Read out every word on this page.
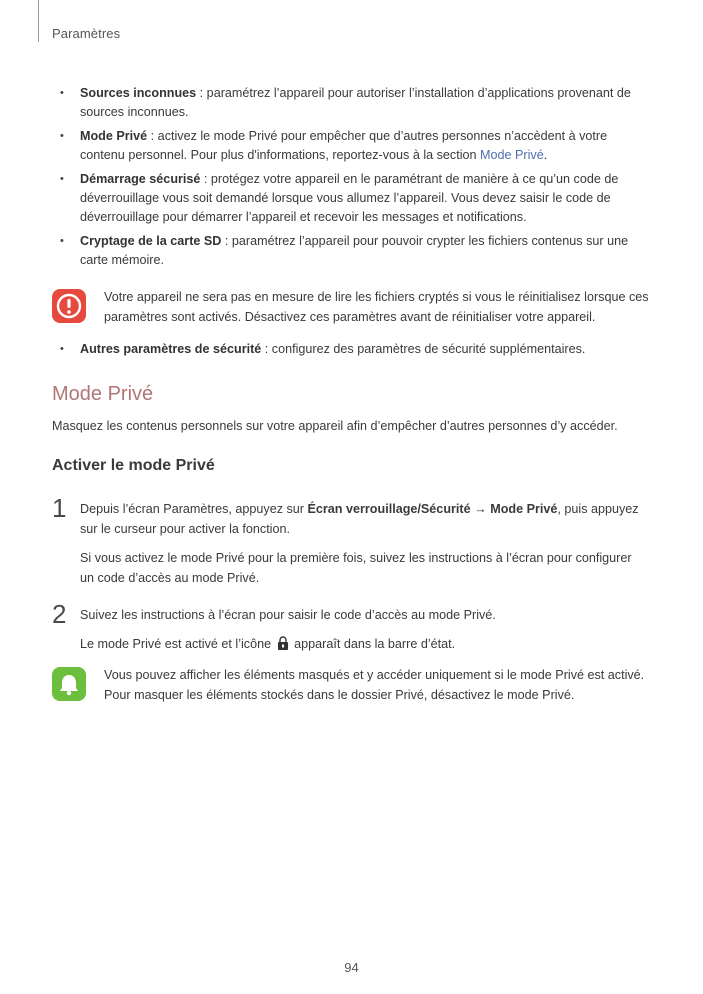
Paramètres
• Sources inconnues : paramétrez l’appareil pour autoriser l’installation d’applications provenant de sources inconnues.
• Mode Privé : activez le mode Privé pour empêcher que d’autres personnes n’accèdent à votre contenu personnel. Pour plus d'informations, reportez-vous à la section Mode Privé.
• Démarrage sécurisé : protégez votre appareil en le paramétrant de manière à ce qu’un code de déverrouillage vous soit demandé lorsque vous allumez l’appareil. Vous devez saisir le code de déverrouillage pour démarrer l’appareil et recevoir les messages et notifications.
• Cryptage de la carte SD : paramétrez l’appareil pour pouvoir crypter les fichiers contenus sur une carte mémoire.
Votre appareil ne sera pas en mesure de lire les fichiers cryptés si vous le réinitialisez lorsque ces paramètres sont activés. Désactivez ces paramètres avant de réinitialiser votre appareil.
• Autres paramètres de sécurité : configurez des paramètres de sécurité supplémentaires.
Mode Privé
Masquez les contenus personnels sur votre appareil afin d’empêcher d’autres personnes d’y accéder.
Activer le mode Privé
1 Depuis l’écran Paramètres, appuyez sur Écran verrouillage/Sécurité → Mode Privé, puis appuyez sur le curseur pour activer la fonction.

Si vous activez le mode Privé pour la première fois, suivez les instructions à l’écran pour configurer un code d’accès au mode Privé.

2 Suivez les instructions à l’écran pour saisir le code d’accès au mode Privé.

Le mode Privé est activé et l’icône  apparaît dans la barre d’état.

Vous pouvez afficher les éléments masqués et y accéder uniquement si le mode Privé est activé. Pour masquer les éléments stockés dans le dossier Privé, désactivez le mode Privé.
94
